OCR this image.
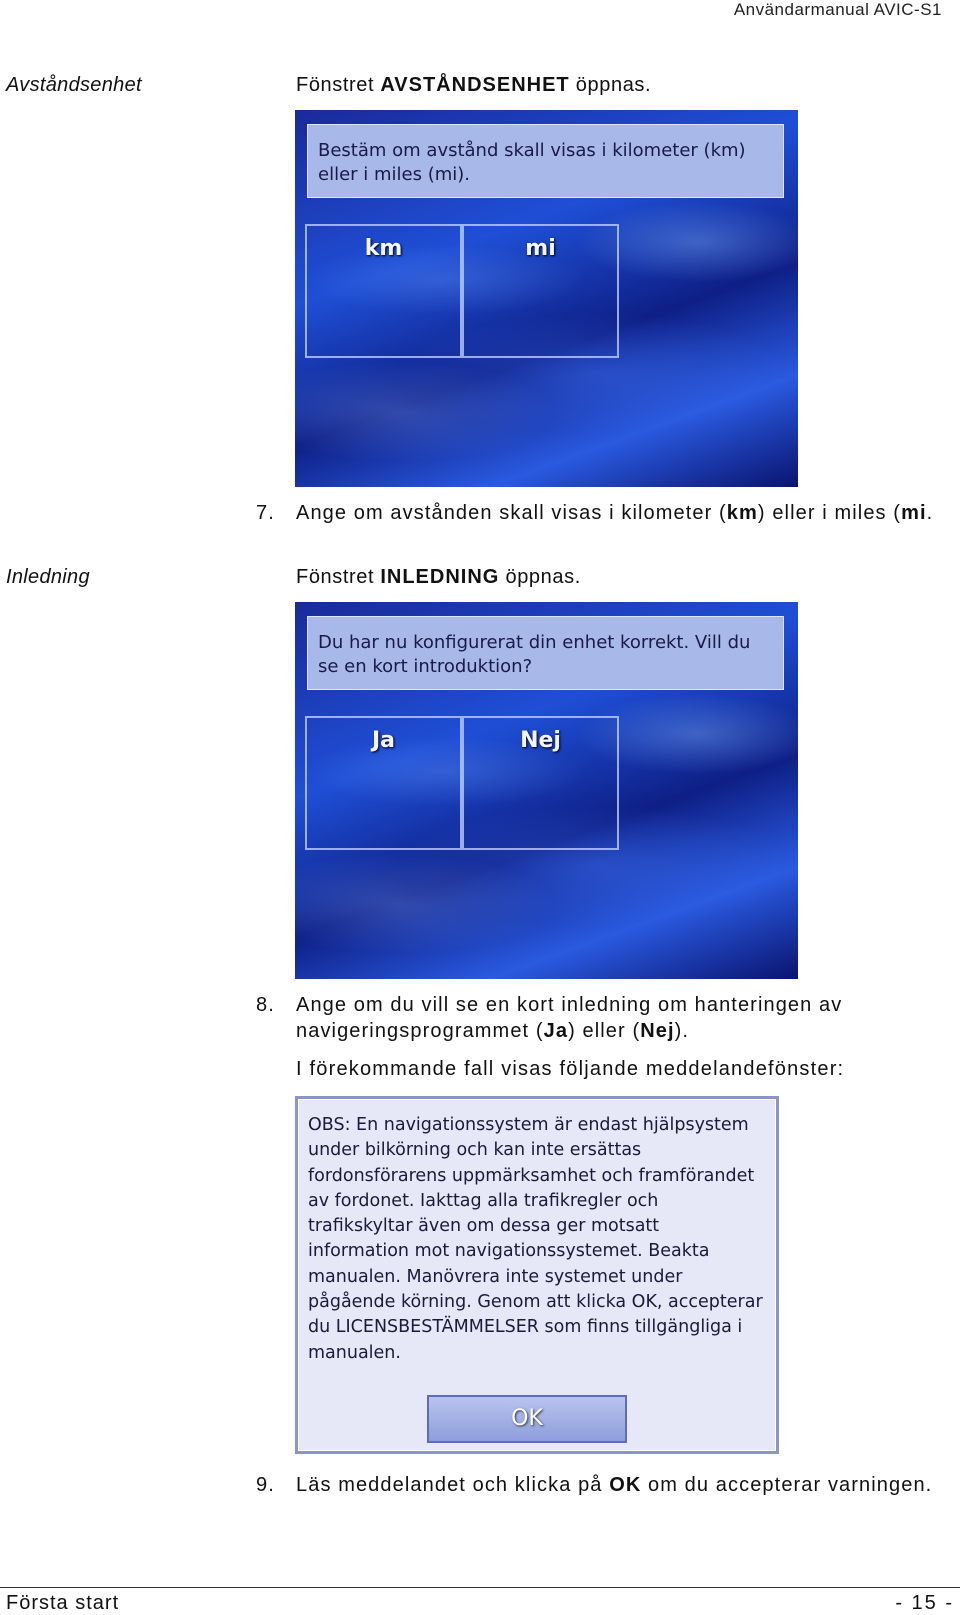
Användarmanual AVIC-S1
Avståndsenhet	Fönstret AVSTÅNDSENHET öppnas.
Bestäm om avstånd skall visas i kilometer (km) eller i miles (mi).
km	mi
7. Ange om avstånden skall visas i kilometer (km) eller i miles (mi.
Inledning	Fönstret INLEDNING öppnas.
Du har nu konfigurerat din enhet korrekt. Vill du se en kort introduktion?
Ja	Nej
8. Ange om du vill se en kort inledning om hanteringen av navigeringsprogrammet (Ja) eller (Nej).
I förekommande fall visas följande meddelandefönster:
OBS: En navigationssystem är endast hjälpsystem
under bilkörning och kan inte ersättas
fordonsförarens uppmärksamhet och framförandet
av fordonet. Iakttag alla trafikregler och
trafikskyltar även om dessa ger motsatt
information mot navigationssystemet. Beakta
manualen. Manövrera inte systemet under
pågående körning. Genom att klicka OK, accepterar
du LICENSBESTÄMMELSER som finns tillgängliga i
manualen.
OK
9. Läs meddelandet och klicka på OK om du accepterar varningen.
Första start	- 15 -
